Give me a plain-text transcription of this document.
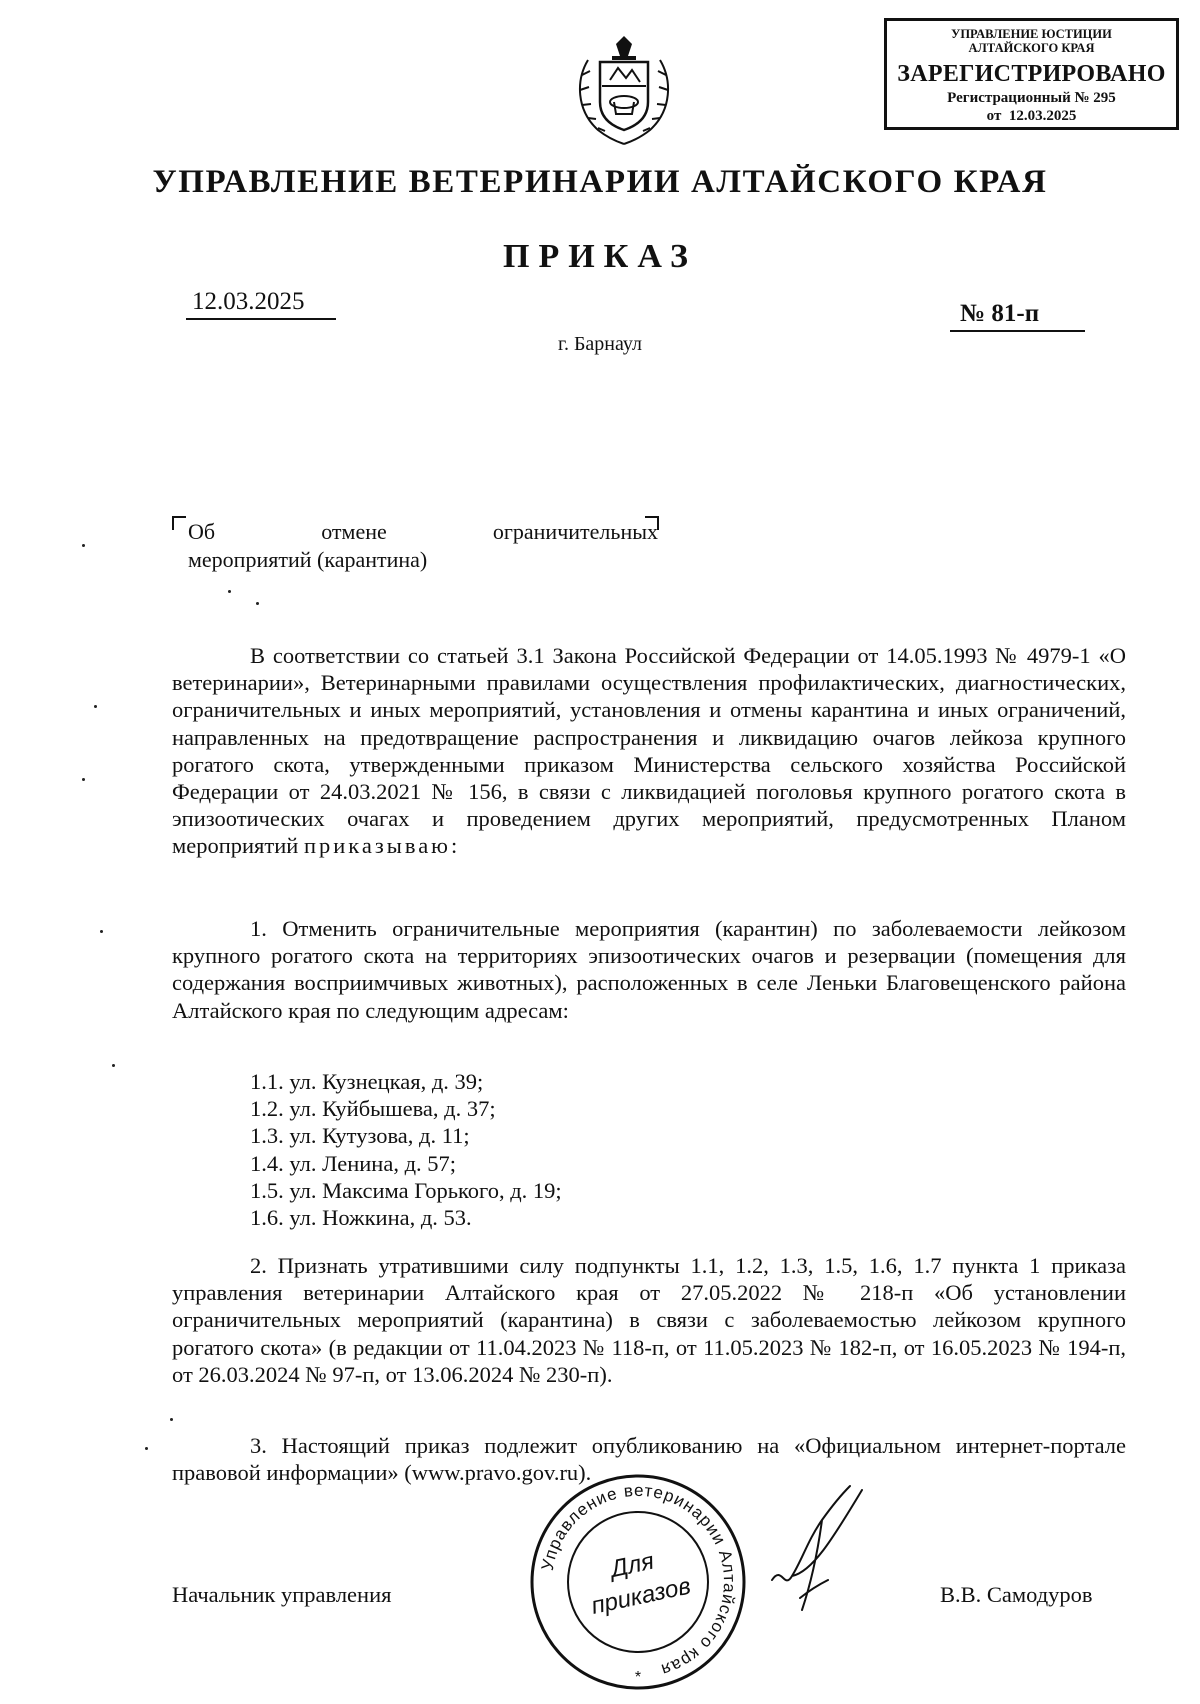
УПРАВЛЕНИЕ ЮСТИЦИИ
АЛТАЙСКОГО КРАЯ
ЗАРЕГИСТРИРОВАНО
Регистрационный № 295
от  12.03.2025
УПРАВЛЕНИЕ ВЕТЕРИНАРИИ АЛТАЙСКОГО КРАЯ
ПРИКАЗ
12.03.2025	№ 81-п
г. Барнаул
Об	отмене	ограничительных
мероприятий (карантина)
В соответствии со статьей 3.1 Закона Российской Федерации от 14.05.1993 № 4979-1 «О ветеринарии», Ветеринарными правилами осуществления профилактических, диагностических, ограничительных и иных мероприятий, установления и отмены карантина и иных ограничений, направленных на предотвращение распространения и ликвидацию очагов лейкоза крупного рогатого скота, утвержденными приказом Министерства сельского хозяйства Российской Федерации от 24.03.2021 № 156, в связи с ликвидацией поголовья крупного рогатого скота в эпизоотических очагах и проведением других мероприятий, предусмотренных Планом мероприятий приказываю:
1. Отменить ограничительные мероприятия (карантин) по заболеваемости лейкозом крупного рогатого скота на территориях эпизоотических очагов и резервации (помещения для содержания восприимчивых животных), расположенных в селе Леньки Благовещенского района Алтайского края по следующим адресам:
1.1. ул. Кузнецкая, д. 39;
1.2. ул. Куйбышева, д. 37;
1.3. ул. Кутузова, д. 11;
1.4. ул. Ленина, д. 57;
1.5. ул. Максима Горького, д. 19;
1.6. ул. Ножкина, д. 53.
2. Признать утратившими силу подпункты 1.1, 1.2, 1.3, 1.5, 1.6, 1.7 пункта 1 приказа управления ветеринарии Алтайского края от 27.05.2022 № 218-п «Об установлении ограничительных мероприятий (карантина) в связи с заболеваемостью лейкозом крупного рогатого скота» (в редакции от 11.04.2023 № 118-п, от 11.05.2023 № 182-п, от 16.05.2023 № 194-п, от 26.03.2024 № 97-п, от 13.06.2024 № 230-п).
3. Настоящий приказ подлежит опубликованию на «Официальном интернет-портале правовой информации» (www.pravo.gov.ru).
Начальник управления	В.В. Самодуров
Управление ветеринарии Алтайского края
Для
приказов
*
